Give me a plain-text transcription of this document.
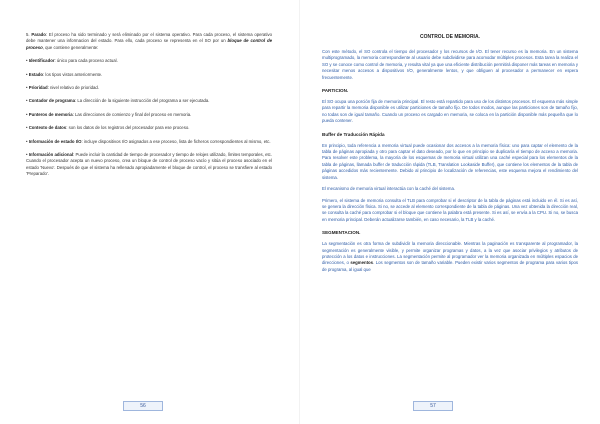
5. Parado: El proceso ha sido terminado y será eliminado por el sistema operativo. Para cada proceso, el sistema operativo debe mantener una informacion del estado. Para ello, cada proceso se representa en el SO por un bloque de control de proceso, que contiene generalmente:

• Identificador: único para cada proceso actual.

• Estado: los tipos vistos anteriormente.

• Prioridad: nivel relativo de prioridad.

• Contador de programa: La dirección de la siguiente instrucción del programa a ser ejecutada.

• Punteros de memoria: Las direcciones de comienzo y final del proceso en memoria.

• Contexto de datos: son los datos de los registros del procesador para ese proceso.

• Información de estado I/O: incluye dispositivos I/O asignados a ese proceso, lista de ficheros correspondientes al mismo, etc.

• Información adicional: Puede incluir la cantidad de tiempo de procesador y tiempo de relojes utilizado, límites temporales, etc. Cuando el procesador acepta un nuevo proceso, crea un bloque de control de proceso vacío y sitúa el proceso asociado en el estado 'Nuevo'. Después de que el sistema ha rellenado apropiadamente el bloque de control, el proceso se transfiere al estado 'Preparado'.

56
CONTROL DE MEMORIA.

Con este método, el SO controla el tiempo del procesador y los recursos de I/O. El tener recurso es la memoria. En un sistema multiprogramado, la memoria correspondiente al usuario debe subdividirse para acomodar múltiples procesos. Esta tarea la realiza el SO y se conoce como control de memoria, y resulta vital ya que una eficiente distribución permitirá disponer más tareas en memoria y necesitar menos accesos a dispositivos I/O, generalmente lentos, y que obliguen al procesador a permanecer en espera frecuentemente.

PARTICION.

El SO ocupa una porción fija de memoria principal. El resto está repartido para uso de los distintos procesos. El esquema más simple para repartir la memoria disponible es utilizar particiones de tamaño fijo. De todos modos, aunque las particiones son de tamaño fijo, no todas son de igual tamaño. Cuando un proceso es cargado en memoria, se coloca en la partición disponible más pequeña que lo pueda contener.

Buffer de Traducción Rápida

En principio, toda referencia a memoria virtual puede ocasionar dos accesos a la memoria física: uno para captar el elemento de la tabla de páginas apropiada y otro para captar el dato deseado, por lo que en principio se duplicaría el tiempo de acceso a memoria. Para resolver este problema, la mayoría de los esquemas de memoria virtual utilizan una caché especial para los elementos de la tabla de páginas, llamada buffer de traducción rápida (TLB, Translation Lookaside Buffer), que contiene los elementos de la tabla de páginas accedidos más recientemente. Debido al principio de localización de referencias, este esquema mejora el rendimiento del sistema.

El mecanismo de memoria virtual interactúa con la caché del sistema.

Primero, el sistema de memoria consulta el TLB para comprobar si el descriptor de la tabla de páginas está incluido en él. Si es así, se genera la dirección física. Si no, se accede al elemento correspondiente de la tabla de páginas. Una vez obtenida la dirección real, se consulta la caché para comprobar si el bloque que contiene la palabra está presente. Si es así, se envía a la CPU. Si no, se busca en memoria principal. Deberán actualizarse también, en caso necesario, la TLB y la caché.

SEGMENTACION.

La segmentación es otra forma de subdividir la memoria direccionable. Mientras la paginación es transparente al programador, la segmentación es generalmente visible, y permite organizar programas y datos, a la vez que asociar privilegios y atributos de protección a los datos e instrucciones. La segmentación permite al programador ver la memoria organizada en múltiples espacios de direcciones, o segmentos. Los segmentos son de tamaño variable. Pueden existir varios segmentos de programa para varios tipos de programa, al igual que

57
